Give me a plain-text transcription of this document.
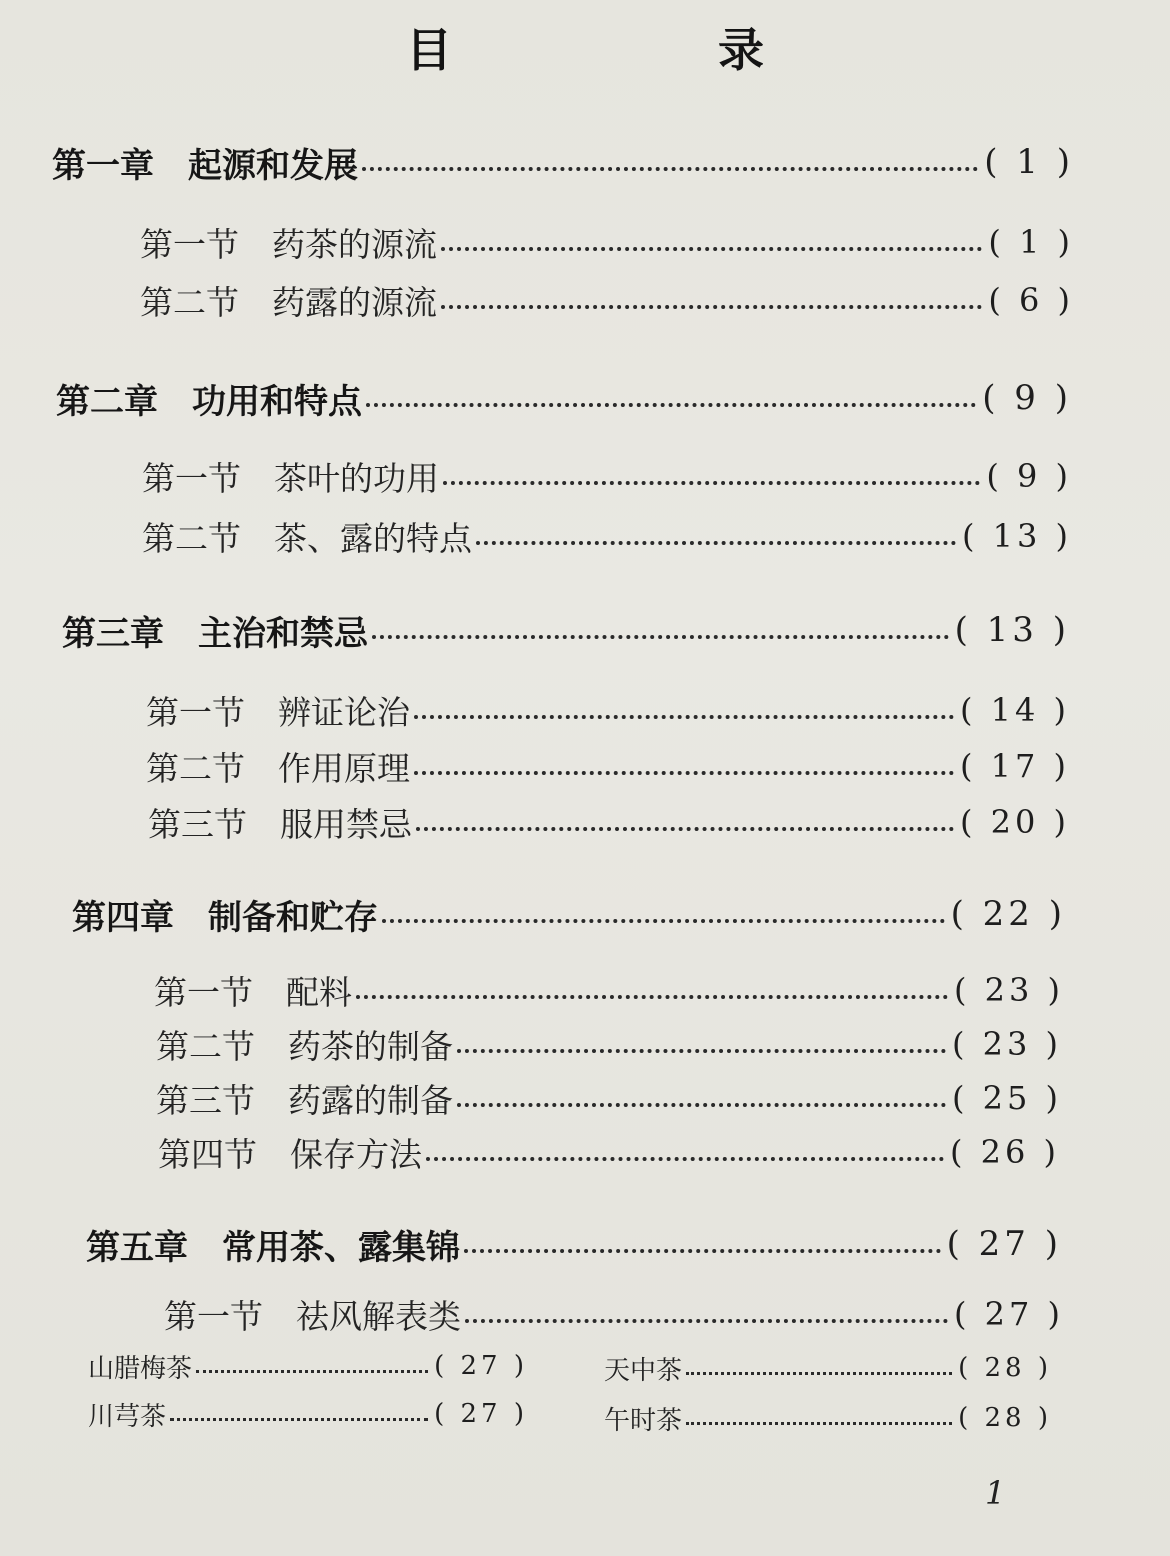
目　录
第一章　起源和发展	( 1 )
第一节　药茶的源流	( 1 )
第二节　药露的源流	( 6 )
第二章　功用和特点	( 9 )
第一节　茶叶的功用	( 9 )
第二节　茶、露的特点	( 13 )
第三章　主治和禁忌	( 13 )
第一节　辨证论治	( 14 )
第二节　作用原理	( 17 )
第三节　服用禁忌	( 20 )
第四章　制备和贮存	( 22 )
第一节　配料	( 23 )
第二节　药茶的制备	( 23 )
第三节　药露的制备	( 25 )
第四节　保存方法	( 26 )
第五章　常用茶、露集锦	( 27 )
第一节　祛风解表类	( 27 )
山腊梅茶	( 27 )	天中茶	( 28 )
川芎茶	( 27 )	午时茶	( 28 )
1
